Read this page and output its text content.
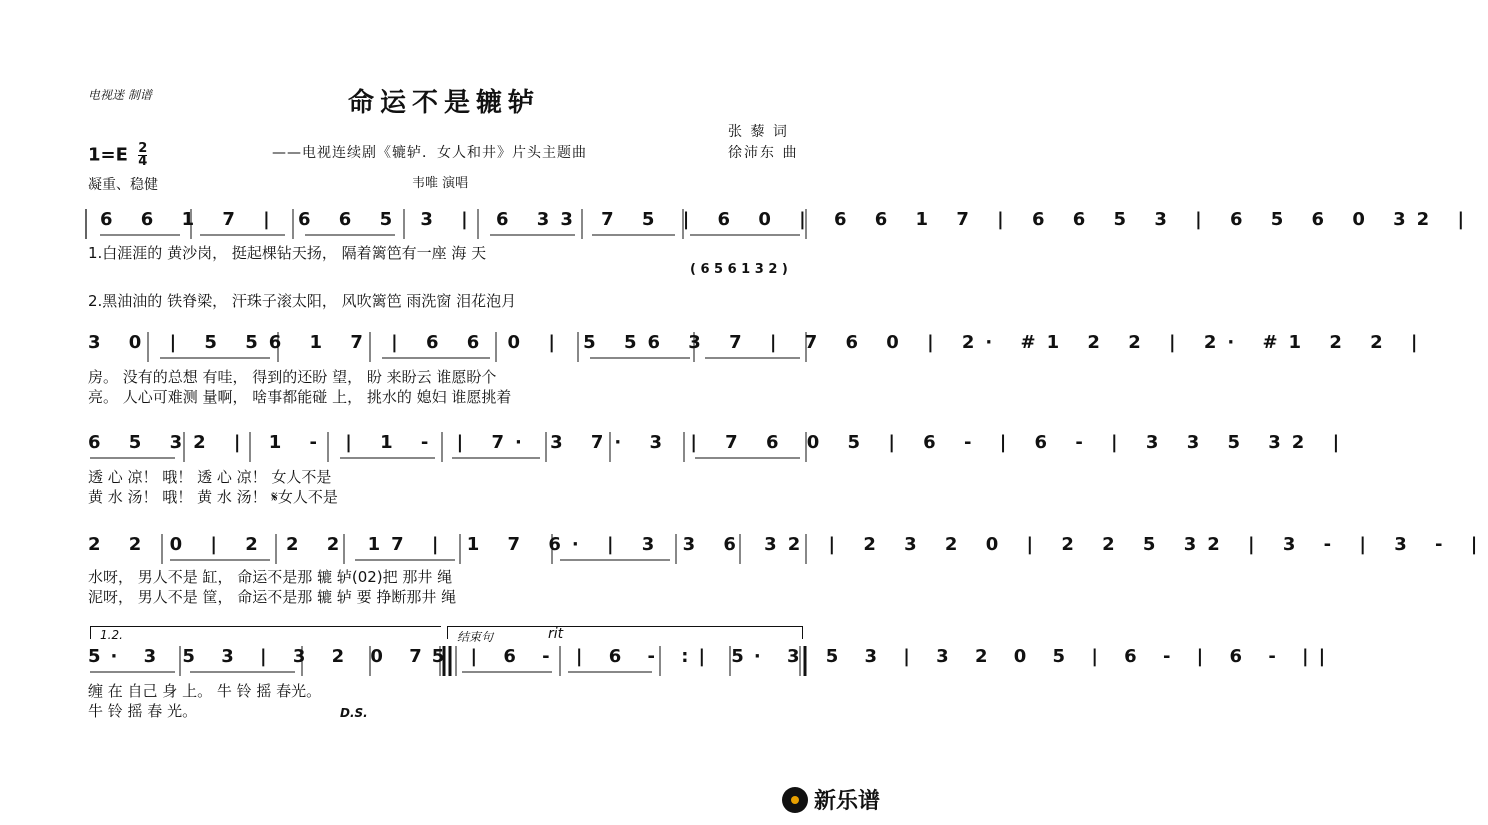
电视迷 制谱	命运不是辘轳
$1=E \frac{2}{4}$	——电视连续剧《辘轳．女人和井》片头主题曲
张 藜 词
徐沛东 曲
凝重、稳健	韦唯 演唱
6 6 1 7 | 6 6 5 3 | 6 33 7 5 | 6 0 | 6 6 1 7 | 6 6 5 3 | 6 5 6 0 32 |
1.白涯涯的 黄沙岗， 挺起棵钻天扬， 隔着篱笆有一座 海 天
( 6 5 6 1 3 2 )
2.黑油油的 铁脊梁， 汗珠子滚太阳， 风吹篱笆 雨洗窗 泪花泡月
3 0 | 5 56 1 7 | 6 6 0 | 5 56 3 7 | 7 6 0 | 2· #1 2 2 | 2· #1 2 2 |
房。 没有的总想 有哇， 得到的还盼 望， 盼 来盼云 谁愿盼个
亮。 人心可难测 量啊， 啥事都能碰 上， 挑水的 媳妇 谁愿挑着
6 5 32 | 1 - | 1 - | 7· 3 7· 3 | 7 6 0 5 | 6 - | 6 - | 3 3 5 32 |
透 心 凉！ 哦！ 透 心 凉！ 女人不是
黄 水 汤！ 哦！ 黄 水 汤！ 𝄋女人不是
2 2 0 | 2 2 2 17 | 1 7 6· | 3 3 6 32 | 2 3 2 0 | 2 2 5 32 | 3 - | 3 - |
水呀， 男人不是 缸， 命运不是那 辘 轳(02)把 那井 绳
泥呀， 男人不是 筐， 命运不是那 辘 轳 要 挣断那井 绳
1.2.	结束句	rit
5· 3 5 3 | 3 2 0 75 | 6 - | 6 - :| 5· 3 5 3 | 3 2 0 5 | 6 - | 6 - ||
缠 在 自己 身 上。 牛 铃 摇 春光。
牛 铃 摇 春 光。	D.S.
新乐谱
